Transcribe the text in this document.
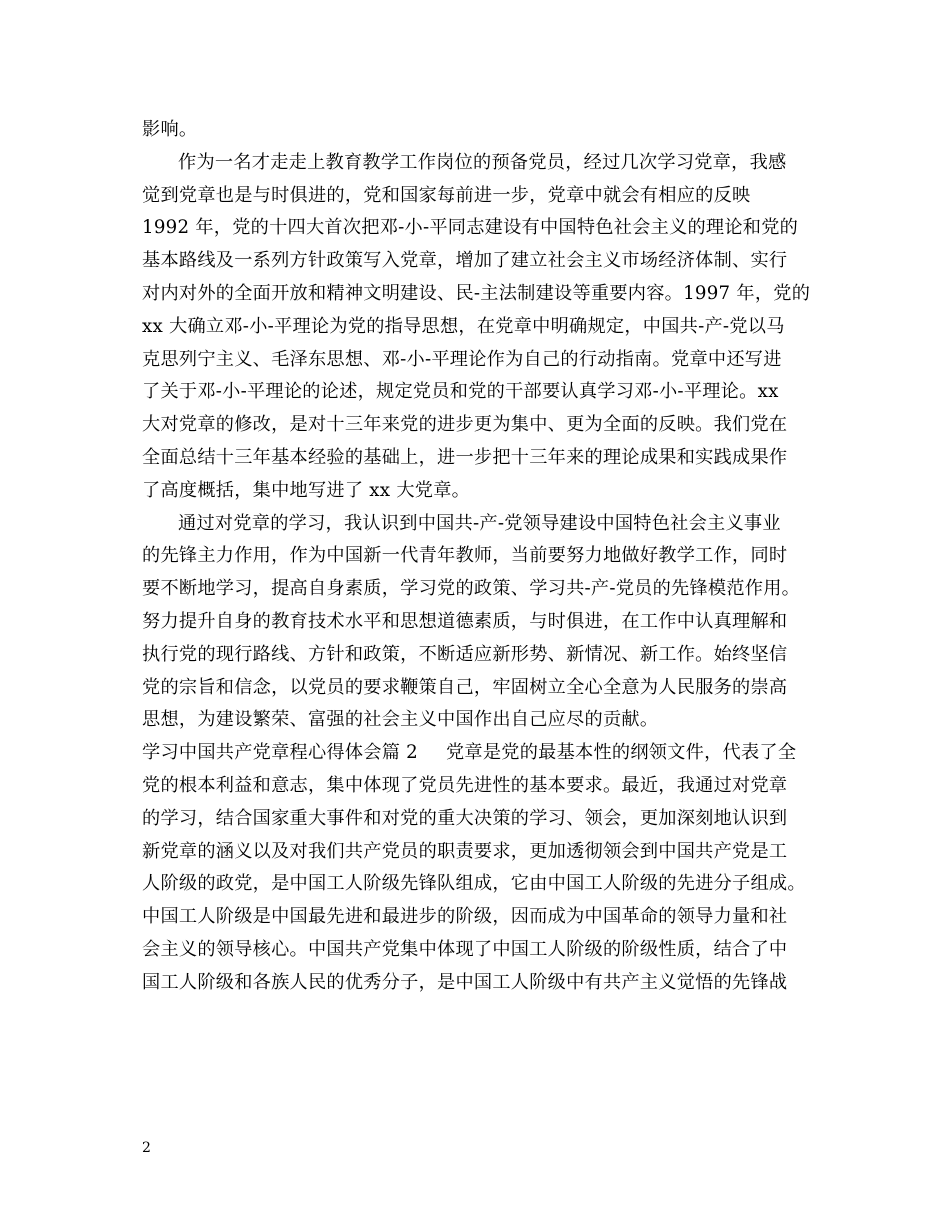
影响。
作为一名才走走上教育教学工作岗位的预备党员，经过几次学习党章，我感
觉到党章也是与时俱进的，党和国家每前进一步，党章中就会有相应的反映
1992 年，党的十四大首次把邓-小-平同志建设有中国特色社会主义的理论和党的
基本路线及一系列方针政策写入党章，增加了建立社会主义市场经济体制、实行
对内对外的全面开放和精神文明建设、民-主法制建设等重要内容。1997 年，党的
xx 大确立邓-小-平理论为党的指导思想，在党章中明确规定，中国共-产-党以马
克思列宁主义、毛泽东思想、邓-小-平理论作为自己的行动指南。党章中还写进
了关于邓-小-平理论的论述，规定党员和党的干部要认真学习邓-小-平理论。xx
大对党章的修改，是对十三年来党的进步更为集中、更为全面的反映。我们党在
全面总结十三年基本经验的基础上，进一步把十三年来的理论成果和实践成果作
了高度概括，集中地写进了 xx 大党章。
通过对党章的学习，我认识到中国共-产-党领导建设中国特色社会主义事业
的先锋主力作用，作为中国新一代青年教师，当前要努力地做好教学工作，同时
要不断地学习，提高自身素质，学习党的政策、学习共-产-党员的先锋模范作用。
努力提升自身的教育技术水平和思想道德素质，与时俱进，在工作中认真理解和
执行党的现行路线、方针和政策，不断适应新形势、新情况、新工作。始终坚信
党的宗旨和信念，以党员的要求鞭策自己，牢固树立全心全意为人民服务的崇高
思想，为建设繁荣、富强的社会主义中国作出自己应尽的贡献。
学习中国共产党章程心得体会篇 2 党章是党的最基本性的纲领文件，代表了全
党的根本利益和意志，集中体现了党员先进性的基本要求。最近，我通过对党章
的学习，结合国家重大事件和对党的重大决策的学习、领会，更加深刻地认识到
新党章的涵义以及对我们共产党员的职责要求，更加透彻领会到中国共产党是工
人阶级的政党，是中国工人阶级先锋队组成，它由中国工人阶级的先进分子组成。
中国工人阶级是中国最先进和最进步的阶级，因而成为中国革命的领导力量和社
会主义的领导核心。中国共产党集中体现了中国工人阶级的阶级性质，结合了中
国工人阶级和各族人民的优秀分子，是中国工人阶级中有共产主义觉悟的先锋战
2
